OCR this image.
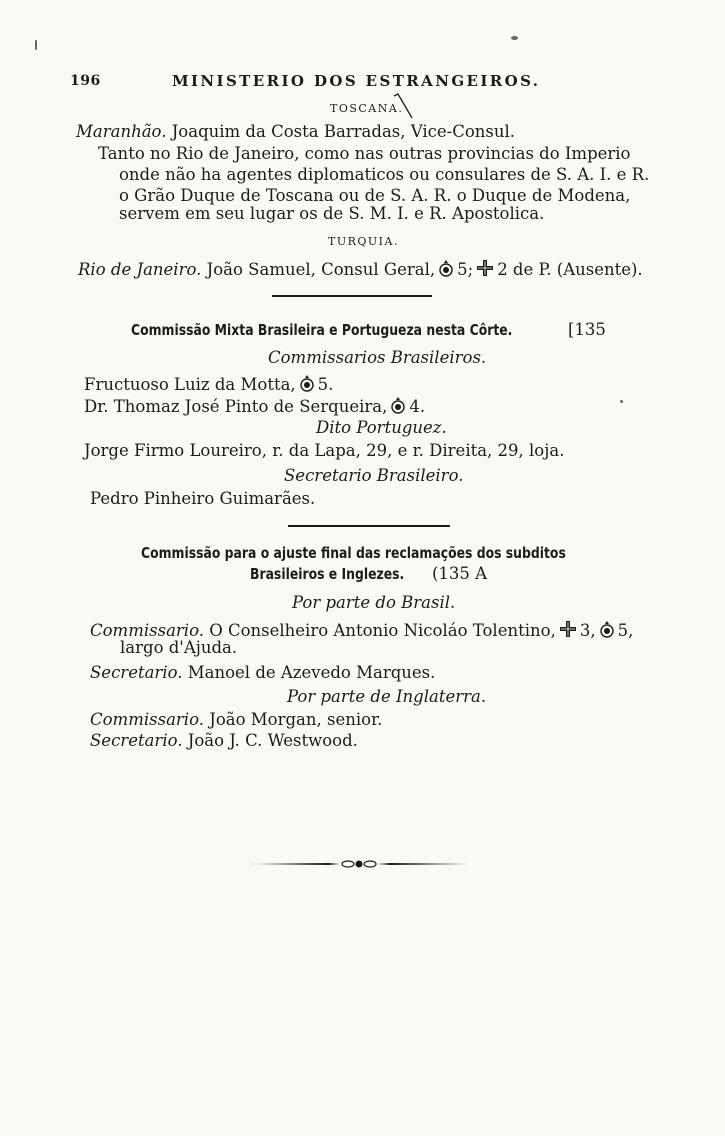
196	MINISTERIO DOS ESTRANGEIROS.
TOSCANA.
Maranhão. Joaquim da Costa Barradas, Vice-Consul.
Tanto no Rio de Janeiro, como nas outras provincias do Imperio
onde não ha agentes diplomaticos ou consulares de S. A. I. e R.
o Grão Duque de Toscana ou de S. A. R. o Duque de Modena,
servem em seu lugar os de S. M. I. e R. Apostolica.
TURQUIA.
Rio de Janeiro. João Samuel, Consul Geral, 5; 2 de P. (Ausente).
Commissão Mixta Brasileira e Portugueza nesta Côrte.	[135
Commissarios Brasileiros.
Fructuoso Luiz da Motta, 5.
Dr. Thomaz José Pinto de Serqueira, 4.
Dito Portuguez.
Jorge Firmo Loureiro, r. da Lapa, 29, e r. Direita, 29, loja.
Secretario Brasileiro.
Pedro Pinheiro Guimarães.
Commissão para o ajuste final das reclamações dos subditos
Brasileiros e Inglezes.	(135 A
Por parte do Brasil.
Commissario. O Conselheiro Antonio Nicoláo Tolentino, 3, 5,
largo d'Ajuda.
Secretario. Manoel de Azevedo Marques.
Por parte de Inglaterra.
Commissario. João Morgan, senior.
Secretario. João J. C. Westwood.
